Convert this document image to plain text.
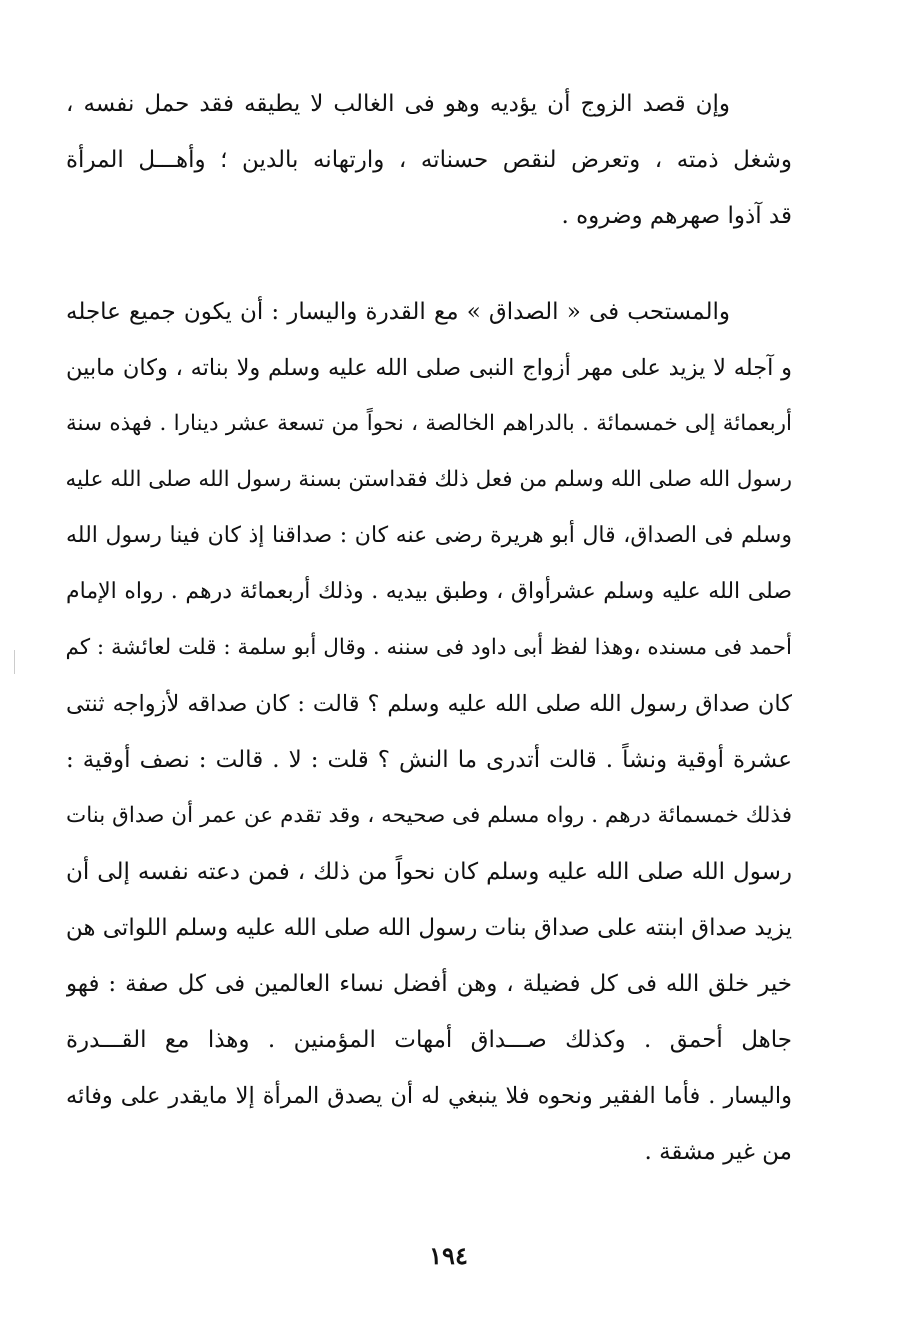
وإن قصد الزوج أن يؤديه وهو فى الغالب لا يطيقه فقد حمل نفسه ،
وشغل ذمته ، وتعرض لنقص حسناته ، وارتهانه بالدين ؛ وأهـــل المرأة
قد آذوا صهرهم وضروه .
والمستحب فى « الصداق » مع القدرة واليسار : أن يكون جميع عاجله
و آجله لا يزيد على مهر أزواج النبى صلى الله عليه وسلم ولا بناته ، وكان مابين
أربعمائة إلى خمسمائة . بالدراهم الخالصة ، نحواً من تسعة عشر دينارا . فهذه سنة
رسول الله صلى الله وسلم من فعل ذلك فقداستن بسنة رسول الله صلى الله عليه
وسلم فى الصداق، قال أبو هريرة رضى عنه كان : صداقنا إذ كان فينا رسول الله
صلى الله عليه وسلم عشرأواق ، وطبق بيديه . وذلك أربعمائة درهم . رواه الإمام
أحمد فى مسنده ،وهذا لفظ أبى داود فى سننه . وقال أبو سلمة : قلت لعائشة : كم
كان صداق رسول الله صلى الله عليه وسلم ؟ قالت : كان صداقه لأزواجه ثنتى
عشرة أوقية ونشاً . قالت أتدرى ما النش ؟ قلت : لا . قالت : نصف أوقية :
فذلك خمسمائة درهم . رواه مسلم فى صحيحه ، وقد تقدم عن عمر أن صداق بنات
رسول الله صلى الله عليه وسلم كان نحواً من ذلك ، فمن دعته نفسه إلى أن
يزيد صداق ابنته على صداق بنات رسول الله صلى الله عليه وسلم اللواتى هن
خير خلق الله فى كل فضيلة ، وهن أفضل نساء العالمين فى كل صفة : فهو
جاهل أحمق . وكذلك صـــداق أمهات المؤمنين . وهذا مع القـــدرة
واليسار . فأما الفقير ونحوه فلا ينبغي له أن يصدق المرأة إلا مايقدر على وفائه
من غير مشقة .
١٩٤
